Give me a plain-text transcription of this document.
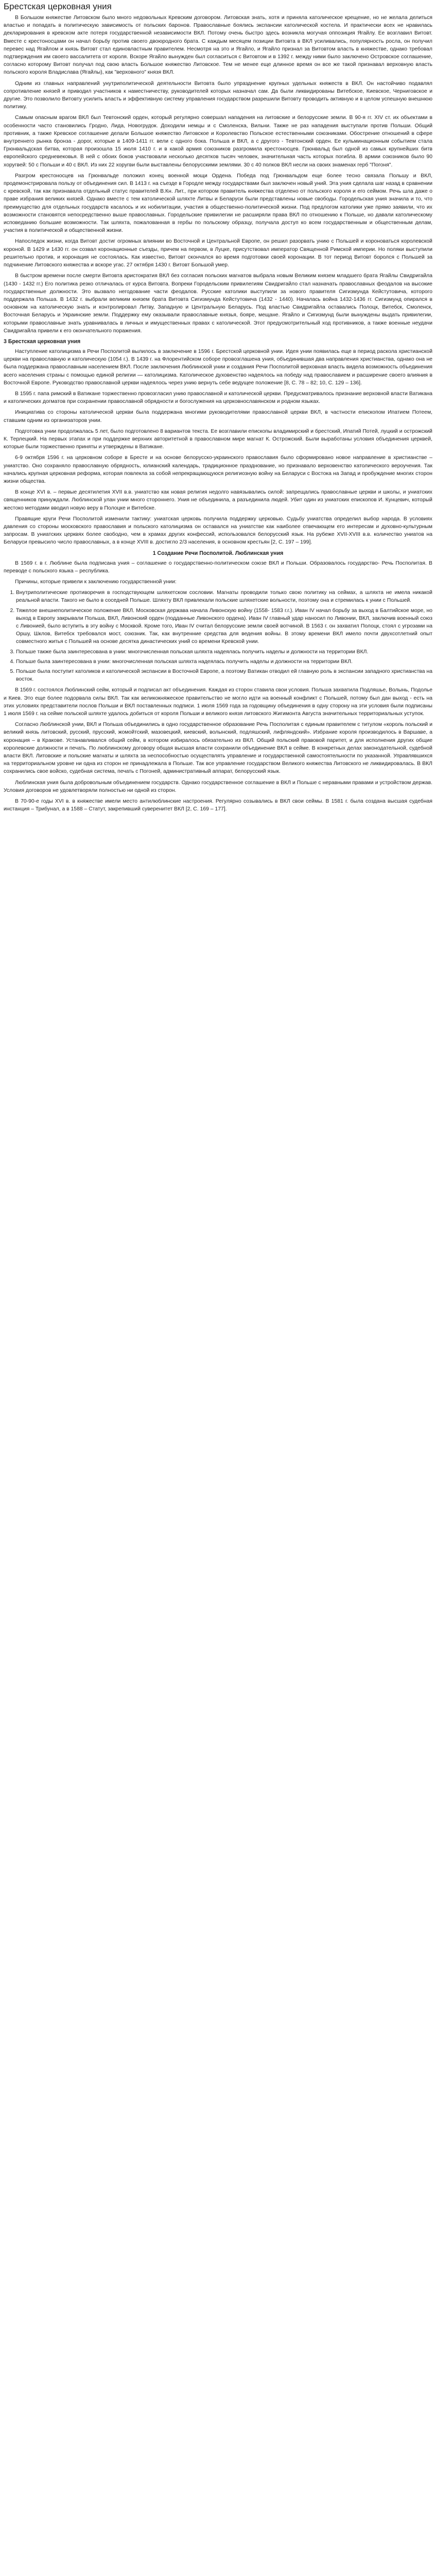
Брестская церковная уния

В Большом княжестве Литовском было много недовольных Кревским договором. Литовская знать, хотя и приняла католическое крещение, но не желала делиться властью и попадать в политическую зависимость от польских баронов. Православные боялись экспансии католической костела. И практически всех не нравилась декларирования в кревском акте потеря государственной независимости ВКЛ. Потому очень быстро здесь возникла могучая оппозиция Ягайлу. Ее возглавил Витовт. Вместе с крестоносцами он начал борьбу против своего двоюродного брата. С каждым месяцем позиции Витовта в ВКЛ усиливались, популярность росла, он получил перевес над Ягайлом и князь Витовт стал единовластным правителем. Несмотря на это и Ягайло, и Ягайло признал за Витовтом власть в княжестве, однако требовал подтверждения им своего вассалитета от короля. Вскоре Ягайло вынужден был согласиться с Витовтом и в 1392 г. между ними было заключено Островское соглашение, согласно которому Витовт получал под свою власть Большое княжество Литовское. Тем не менее еще длинное время он все же такой признавал верховную власть польского короля Владислава (Ягайлы), как "верховного" князя ВКЛ.

Одним из главных направлений унутриполитической деятельности Витовта было упразднение крупных удельных княжеств в ВКЛ. Он настойчиво подавлял сопротивление князей и приводил участников к наместничеству, руководителей которых назначал сам. Да были ликвидированы Витебское, Киевское, Черниговское и другие. Это позволило Витовту усилить власть и эффективную систему управления государством разрешили Витовту проводить активную и в целом успешную внешнюю политику.

Самым опасным врагом ВКЛ был Тевтонский орден, который регулярно совершал нападения на литовские и белорусские земли. В 90-я гг. XIV ст. их объектами в особенности часто становились Гродно, Лида, Новогрудок. Доходили немцы и с Смоленска, Вильни. Также не раз нападения выступали против Польши. Общий противник, а также Кревское соглашение делали Большое княжество Литовское и Королевство Польское естественными союзниками. Обострение отношений в сфере внутреннего рынка бронза - дорог, которые в 1409-1411 гг. вели с одного бока. Польша и ВКЛ, а с другого - Тевтонский орден. Ее кульминационным событием стала Грюнвальдская битва, которая произошла 15 июля 1410 г. и в какой армия союзников разгромила крестоносцев. Грюнвальд был одной из самых крупнейших битв европейского средневековья. В ней с обоих боков участвовали несколько десятков тысяч человек, значительная часть которых погибла. В армии союзников было 90 хоругвей: 50 с Польши и 40 с ВКЛ. Из них 22 хоругви были выставлены белорусскими землями. 30 с 40 полков ВКЛ несли на своих знаменах герб "Погоня".

Разгром крестоносцев на Грюнвальде положил конец военной мощи Ордена. Победа под Грюнвальдом еще более тесно связала Польшу и ВКЛ, продемонстрировала пользу от объединения сил. В 1413 г. на съезде в Городле между государствами был заключен новый уний. Эта уния сделала шаг назад в сравнении с кревской, так как признавала отдельный статус правителей В.Кн. Лит., при котором правитель княжества отделено от польского короля и его сеймом. Речь шла даже о праве избрания великих князей. Однако вместе с тем католической шляхте Литвы и Беларуси были представлены новые свободы. Городельская уния значила и то, что преимущество для отдельных государств касалось и их нобилитации, участия в общественно-политической жизни. Под предлогом католики уже прямо заявили, что их возможности становятся непосредственно выше православных. Городельские привилегии не расширяли права ВКЛ по отношению к Польше, но давали католическому исповеданию большие возможности. Так шляхта, пожалованная в гербы по польскому образцу, получала доступ ко всем государственным и общественным делам, участия в политической и общественной жизни.

Напоследок жизни, когда Витовт достиг огромных влиянии во Восточной и Центральной Европе, он решил разорвать унию с Польшей и короноваться королевской короной. В 1429 и 1430 гг. он созвал коронационные съезды, причем на первом, в Луцке, присутствовал император Священной Римской империи. Но поляки выступили решительно против, и коронация не состоялась. Как известно, Витовт скончался во время подготовки своей коронации. В тот период Витовт боролся с Польшей за подчинение Литовского княжества и вскоре угас. 27 октября 1430 г. Витовт Большой умер.

В быстром времени после смерти Витовта аристократия ВКЛ без согласия польских магнатов выбрала новым Великим князем младшего брата Ягайлы Свидригайла (1430 - 1432 гг.) Его политика резко отличалась от курса Витовта. Вопреки Городельским привилегиям Свидригайло стал назначать православных феодалов на высокие государственные должности. Это вызвало негодование части феодалов. Русские католики выступили за нового правителя Сигизмунда Кейстутовича, которого поддержала Польша. В 1432 г. выбрали великим князем брата Витовта Сигизмунда Кейстутовича (1432 - 1440). Началась война 1432-1436 гг. Сигизмунд опирался в основном на католическую знать и контролировал Литву, Западную и Центральную Беларусь. Под властью Свидригайла оставались Полоцк, Витебск, Смоленск, Восточная Беларусь и Украинские земли. Поддержку ему оказывали православные князья, бояре, мещане. Ягайло и Сигизмунд были вынуждены выдать привилегии, которыми православные знать уравнивалась в личных и имущественных правах с католической. Этот предусмотрительный ход противников, а также военные неудачи Свидригайла привели к его окончательного поражения.

3 Брестская церковная уния

Наступление католицизма в Речи Посполитой вылилось в заключение в 1596 г. Брестской церковной унии. Идея унии появилась еще в период раскола христианской церкви на православную и католическую (1054 г.). В 1439 г. на Флорентийском соборе провозглашена уния, объединившая два направления христианства, однако она не была поддержана православным населением ВКЛ. После заключения Люблинской унии и создания Речи Посполитой верховная власть видела возможность объединения всего населения страны с помощью единой религии — католицизма. Католическое духовенство надеялось на победу над православием и расширение своего влияния в Восточной Европе. Руководство православной церкви надеялось через унию вернуть себе ведущее положение [8, С. 78 – 82; 10, С. 129 – 136].

В 1595 г. папа римский в Ватикане торжественно провозгласил унию православной и католической церкви. Предусматривалось признание верховной власти Ватикана и католических догматов при сохранении православной обрядности и богослужения на церковнославянском и родном языках.

Инициатива со стороны католической церкви была поддержана многими руководителями православной церкви ВКЛ, в частности епископом Ипатием Потеем, ставшим одним из организаторов унии.

Подготовка унии продолжалась 5 лет, было подготовлено 8 вариантов текста. Ее возглавили епископы владимирский и брестский, Ипатий Потей, луцкий и острожский К. Терлецкий. На первых этапах и при поддержке верхних авторитетной в православном мире магнат К. Острожский. Были выработаны условия объединения церквей, которые были торжественно приняты и утверждены в Ватикане.

6-9 октября 1596 г. на церковном соборе в Бресте и на основе белорусско-украинского православия было сформировано новое направление в христианстве – униатство. Оно сохраняло православную обрядность, юлианский календарь, традиционное празднование, но признавало верховенство католического вероучения. Так начались крупная церковная реформа, которая повлекла за собой непрекращающуюся религиозную войну на Беларуси с Востока на Запад и пробуждение многих сторон жизни общества.

В конце XVI в. – первые десятилетия XVII в.в. униатство как новая религия недолго навязывались силой: запрещались православные церкви и школы, и униатских священников принуждали. Люблинской улан унии много стороннего. Уния не объединила, а разъединила людей. Убит один из униатских епископов И. Кунцевич, который жестоко методами вводил новую веру в Полоцке и Витебске.

Правящие круги Речи Посполитой изменили тактику: униатская церковь получила поддержку церковью. Судьбу униатства определил выбор народа. В условиях давления со стороны московского православия и польского католицизма он оставался на униатстве как наиболее отвечающем его интересам и духовно-культурным запросам. В униатских церквях более свободно, чем в храмах других конфессий, использовался белорусский язык. На рубеже XVII-XVIII в.в. количество униатов на Беларуси превысило число православных, а в конце XVIII в. достигло 2/3 населения, в основном крестьян [2, С. 197 – 199].

1 Создание Речи Посполитой. Люблинская уния

В 1569 г. в г. Люблине была подписана уния – соглашение о государственно-политическом союзе ВКЛ и Польши. Образовалось государство- Речь Посполитая. В переводе с польского языка – республика.

Причины, которые привели к заключению государственной унии:

1. Внутриполитические противоречия в господствующем шляхетском сословии. Магнаты проводили только свою политику на сеймах, а шляхта не имела никакой реальной власти. Такого не было в соседней Польше. Шляхту ВКЛ привлекали польские шляхетские вольности, поэтому она и стремилась к унии с Польшей.
2. Тяжелое внешнеполитическое положение ВКЛ. Московская держава начала Ливонскую войну (1558- 1583 г.г.). Иван IV начал борьбу за выход в Балтийское море, но выход в Европу закрывали Польша, ВКЛ, Ливонский орден (подданные Ливонского ордена). Иван IV главный удар наносил по Ливонии, ВКЛ, заключив военный союз с Ливонией, было вступить в эту войну с Москвой. Кроме того, Иван IV считал белорусские земли своей вотчиной. В 1563 г. он захватил Полоцк, стоял с угрозами на Оршу, Шклов, Витебск требовался мост, союзник. Так, как внутренние средства для ведения войны. В этому времени ВКЛ имело почти двухсотлетний опыт совместного житья с Польшей на основе десятка династических уний со времени Кревской унии.
3. Польше также была заинтересована в унии: многочисленная польская шляхта надеялась получить наделы и должности на территории ВКЛ.
4. Польше была заинтересована в унии: многочисленная польская шляхта надеялась получить наделы и должности на территории ВКЛ.
5. Польше была поступит католиков и католической экспансии в Восточной Европе, а поэтому Ватикан отводил ей главную роль в экспансии западного христианства на восток.

В 1569 г. состоялся Люблинский сейм, который и подписал акт объединения. Каждая из сторон ставила свои условия. Польша захватила Подляшье, Волынь, Подолье и Киев. Это еще более подорвала силы ВКЛ. Так как великокняжеское правительство не могло идти на военный конфликт с Польшей, потому был дан выход - есть на этих условиях представители послов Польши и ВКЛ поставленных подписи. 1 июля 1569 года за годовщину объединения в одну сторону на эти условия были подписаны 1 июля 1569 г. на сейме польской шляхте удалось добиться от короля Польши и великого князя литовского Жигимонта Августа значительных территориальных уступок.

Согласно Люблинской унии, ВКЛ и Польша объединились в одно государственное образование Речь Посполитая с единым правителем с титулом «король польский и великий князь литовский, русский, прусский, жомойтский, мазовецкий, киевский, волынский, подляшский, лифляндский». Избрание короля производилось в Варшаве, а коронация – в Кракове. Устанавливался общий сейм, в котором избиралось обязательно из ВКЛ. Общий польский правовой паритет, и для исполнения других общие королевские должности и печать. По люблинскому договору общая высшая власти сохранили объединение ВКЛ в сейме. В конкретных делах законодательной, судебной власти ВКЛ. Литовские и польские магнаты и шляхта за неспособностью осуществлять управление и государственной самостоятельности по указанной. Управлявшихся на территориальном уровне ни одна из сторон не принадлежала в Польше. Так все управление государством Великого княжества Литовского не ликвидировалась. В ВКЛ сохранились свое войско, судебная система, печать с Погоней, административный аппарат, белорусский язык.

Люблинская уния была добровольным объединением государств. Однако государственное соглашение в ВКЛ и Польше с неравными правами и устройством держав. Условия договоров не удовлетворяли полностью ни одной из сторон.

В 70-90-е годы XVI в. в княжестве имели место антилюблинские настроения. Регулярно созывались в ВКЛ свои сеймы. В 1581 г. была создана высшая судебная инстанция – Трибунал, а в 1588 – Статут, закрепивший суверенитет ВКЛ [2, С. 169 – 177].
